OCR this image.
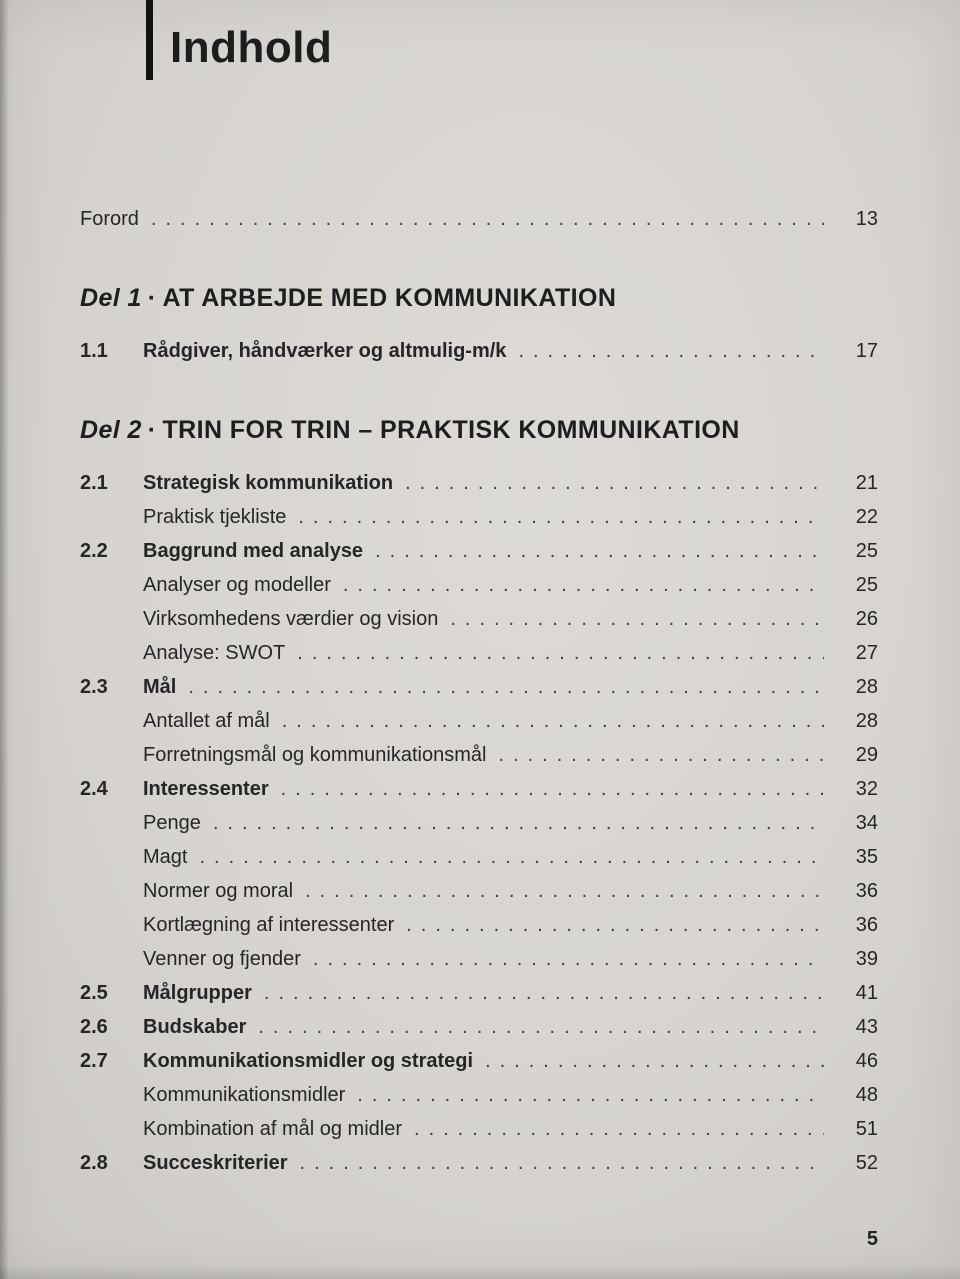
Indhold
Forord .....	13
Del 1 · AT ARBEJDE MED KOMMUNIKATION
1.1	Rådgiver, håndværker og altmulig-m/k .....	17
Del 2 · TRIN FOR TRIN – PRAKTISK KOMMUNIKATION
2.1	Strategisk kommunikation .....	21
Praktisk tjekliste .....	22
2.2	Baggrund med analyse .....	25
Analyser og modeller .....	25
Virksomhedens værdier og vision .....	26
Analyse: SWOT .....	27
2.3	Mål .....	28
Antallet af mål .....	28
Forretningsmål og kommunikationsmål .....	29
2.4	Interessenter .....	32
Penge .....	34
Magt .....	35
Normer og moral .....	36
Kortlægning af interessenter .....	36
Venner og fjender .....	39
2.5	Målgrupper .....	41
2.6	Budskaber .....	43
2.7	Kommunikationsmidler og strategi .....	46
Kommunikationsmidler .....	48
Kombination af mål og midler .....	51
2.8	Succeskriterier .....	52
5
